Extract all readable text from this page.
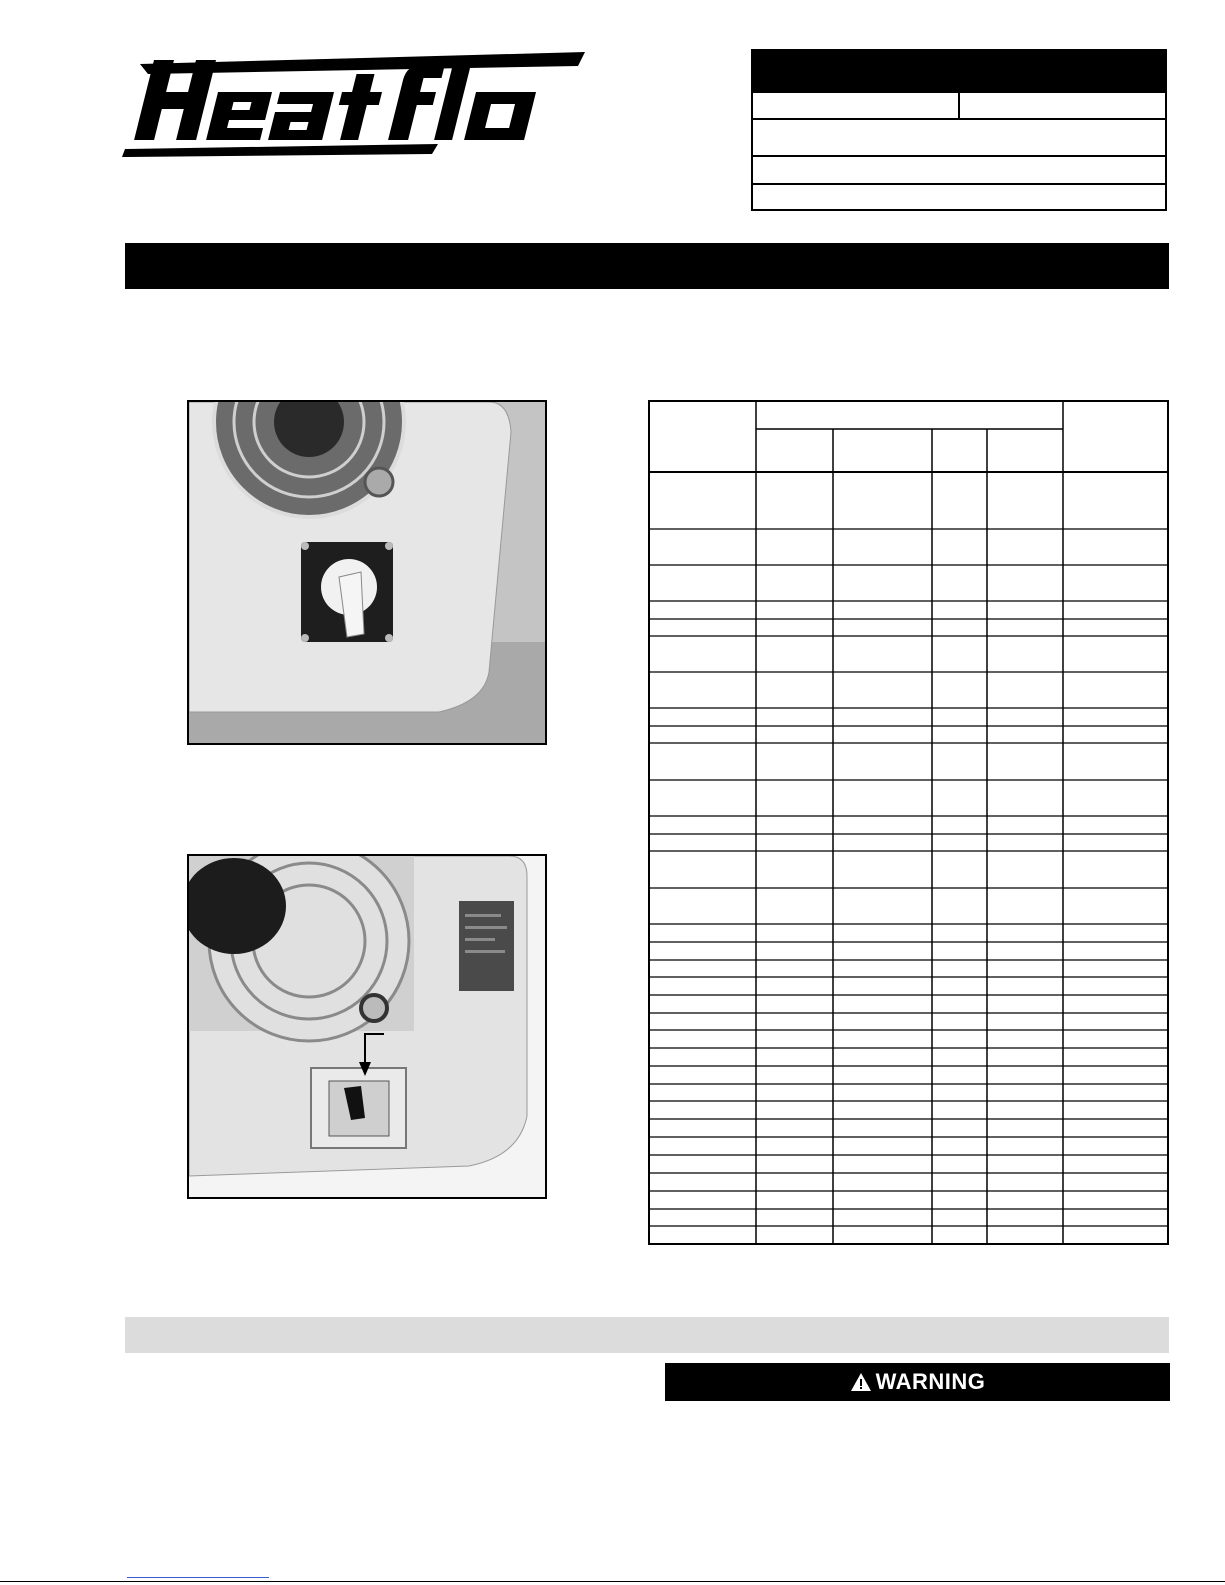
WARNING
